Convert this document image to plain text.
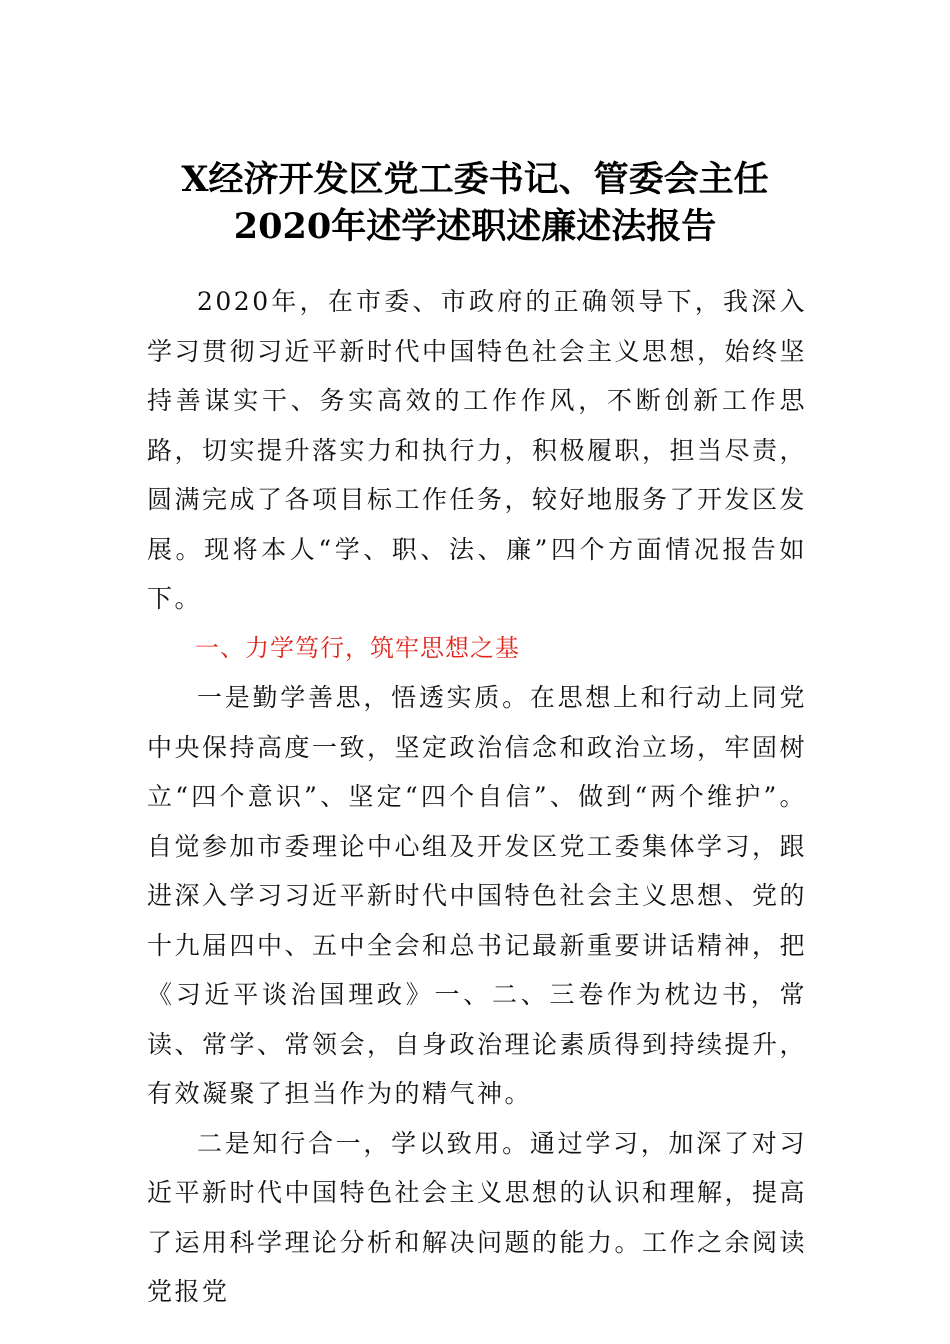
X经济开发区党工委书记、管委会主任
2020年述学述职述廉述法报告

2020年，在市委、市政府的正确领导下，我深入学习贯彻习近平新时代中国特色社会主义思想，始终坚持善谋实干、务实高效的工作作风，不断创新工作思路，切实提升落实力和执行力，积极履职，担当尽责，圆满完成了各项目标工作任务，较好地服务了开发区发展。现将本人“学、职、法、廉”四个方面情况报告如下。

一、力学笃行，筑牢思想之基

一是勤学善思，悟透实质。在思想上和行动上同党中央保持高度一致，坚定政治信念和政治立场，牢固树立“四个意识”、坚定“四个自信”、做到“两个维护”。自觉参加市委理论中心组及开发区党工委集体学习，跟进深入学习习近平新时代中国特色社会主义思想、党的十九届四中、五中全会和总书记最新重要讲话精神，把《习近平谈治国理政》一、二、三卷作为枕边书，常读、常学、常领会，自身政治理论素质得到持续提升，有效凝聚了担当作为的精气神。

二是知行合一，学以致用。通过学习，加深了对习近平新时代中国特色社会主义思想的认识和理解，提高了运用科学理论分析和解决问题的能力。工作之余阅读党报党
